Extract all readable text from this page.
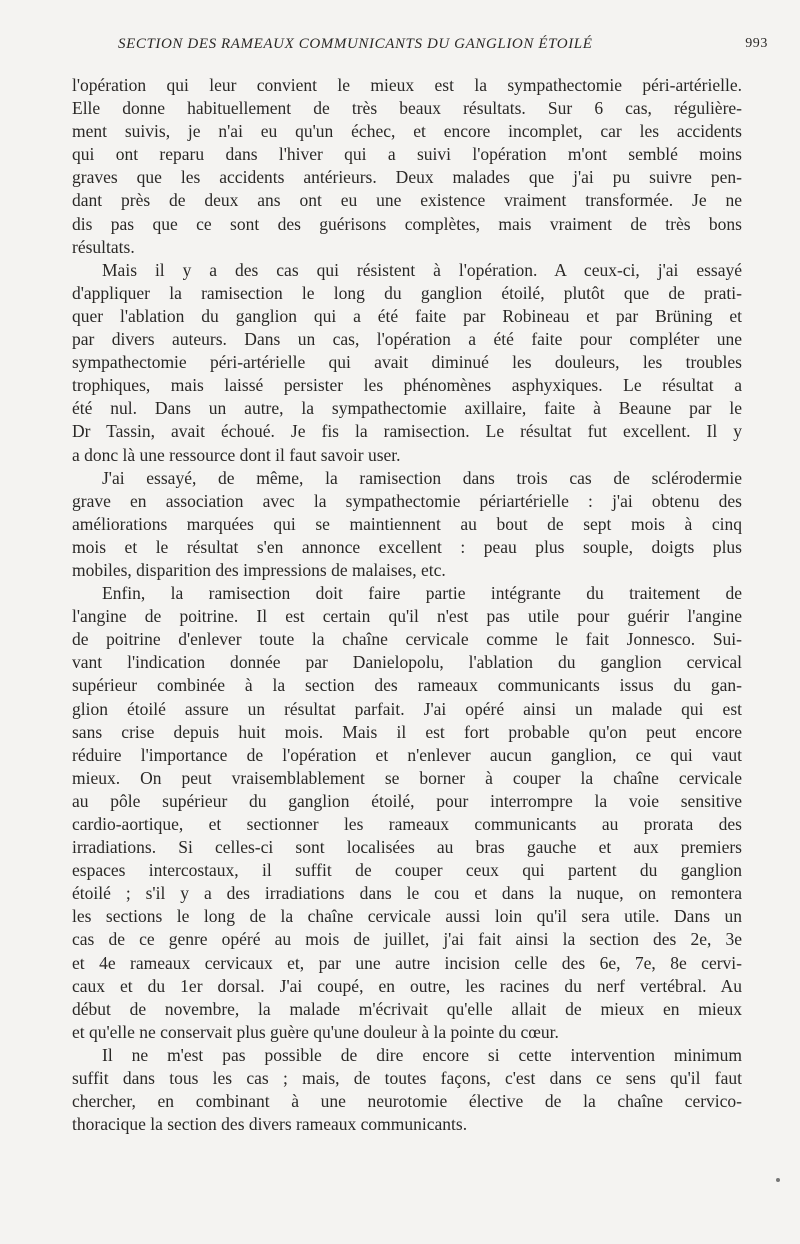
SECTION DES RAMEAUX COMMUNICANTS DU GANGLION ÉTOILÉ	993
l'opération qui leur convient le mieux est la sympathectomie péri-artérielle.
Elle donne habituellement de très beaux résultats. Sur 6 cas, régulière-
ment suivis, je n'ai eu qu'un échec, et encore incomplet, car les accidents
qui ont reparu dans l'hiver qui a suivi l'opération m'ont semblé moins
graves que les accidents antérieurs. Deux malades que j'ai pu suivre pen-
dant près de deux ans ont eu une existence vraiment transformée. Je ne
dis pas que ce sont des guérisons complètes, mais vraiment de très bons
résultats.
Mais il y a des cas qui résistent à l'opération. A ceux-ci, j'ai essayé
d'appliquer la ramisection le long du ganglion étoilé, plutôt que de prati-
quer l'ablation du ganglion qui a été faite par Robineau et par Brüning et
par divers auteurs. Dans un cas, l'opération a été faite pour compléter une
sympathectomie péri-artérielle qui avait diminué les douleurs, les troubles
trophiques, mais laissé persister les phénomènes asphyxiques. Le résultat a
été nul. Dans un autre, la sympathectomie axillaire, faite à Beaune par le
Dr Tassin, avait échoué. Je fis la ramisection. Le résultat fut excellent. Il y
a donc là une ressource dont il faut savoir user.
J'ai essayé, de même, la ramisection dans trois cas de sclérodermie
grave en association avec la sympathectomie périartérielle : j'ai obtenu des
améliorations marquées qui se maintiennent au bout de sept mois à cinq
mois et le résultat s'en annonce excellent : peau plus souple, doigts plus
mobiles, disparition des impressions de malaises, etc.
Enfin, la ramisection doit faire partie intégrante du traitement de
l'angine de poitrine. Il est certain qu'il n'est pas utile pour guérir l'angine
de poitrine d'enlever toute la chaîne cervicale comme le fait Jonnesco. Sui-
vant l'indication donnée par Danielopolu, l'ablation du ganglion cervical
supérieur combinée à la section des rameaux communicants issus du gan-
glion étoilé assure un résultat parfait. J'ai opéré ainsi un malade qui est
sans crise depuis huit mois. Mais il est fort probable qu'on peut encore
réduire l'importance de l'opération et n'enlever aucun ganglion, ce qui vaut
mieux. On peut vraisemblablement se borner à couper la chaîne cervicale
au pôle supérieur du ganglion étoilé, pour interrompre la voie sensitive
cardio-aortique, et sectionner les rameaux communicants au prorata des
irradiations. Si celles-ci sont localisées au bras gauche et aux premiers
espaces intercostaux, il suffit de couper ceux qui partent du ganglion
étoilé ; s'il y a des irradiations dans le cou et dans la nuque, on remontera
les sections le long de la chaîne cervicale aussi loin qu'il sera utile. Dans un
cas de ce genre opéré au mois de juillet, j'ai fait ainsi la section des 2e, 3e
et 4e rameaux cervicaux et, par une autre incision celle des 6e, 7e, 8e cervi-
caux et du 1er dorsal. J'ai coupé, en outre, les racines du nerf vertébral. Au
début de novembre, la malade m'écrivait qu'elle allait de mieux en mieux
et qu'elle ne conservait plus guère qu'une douleur à la pointe du cœur.
Il ne m'est pas possible de dire encore si cette intervention minimum
suffit dans tous les cas ; mais, de toutes façons, c'est dans ce sens qu'il faut
chercher, en combinant à une neurotomie élective de la chaîne cervico-
thoracique la section des divers rameaux communicants.
